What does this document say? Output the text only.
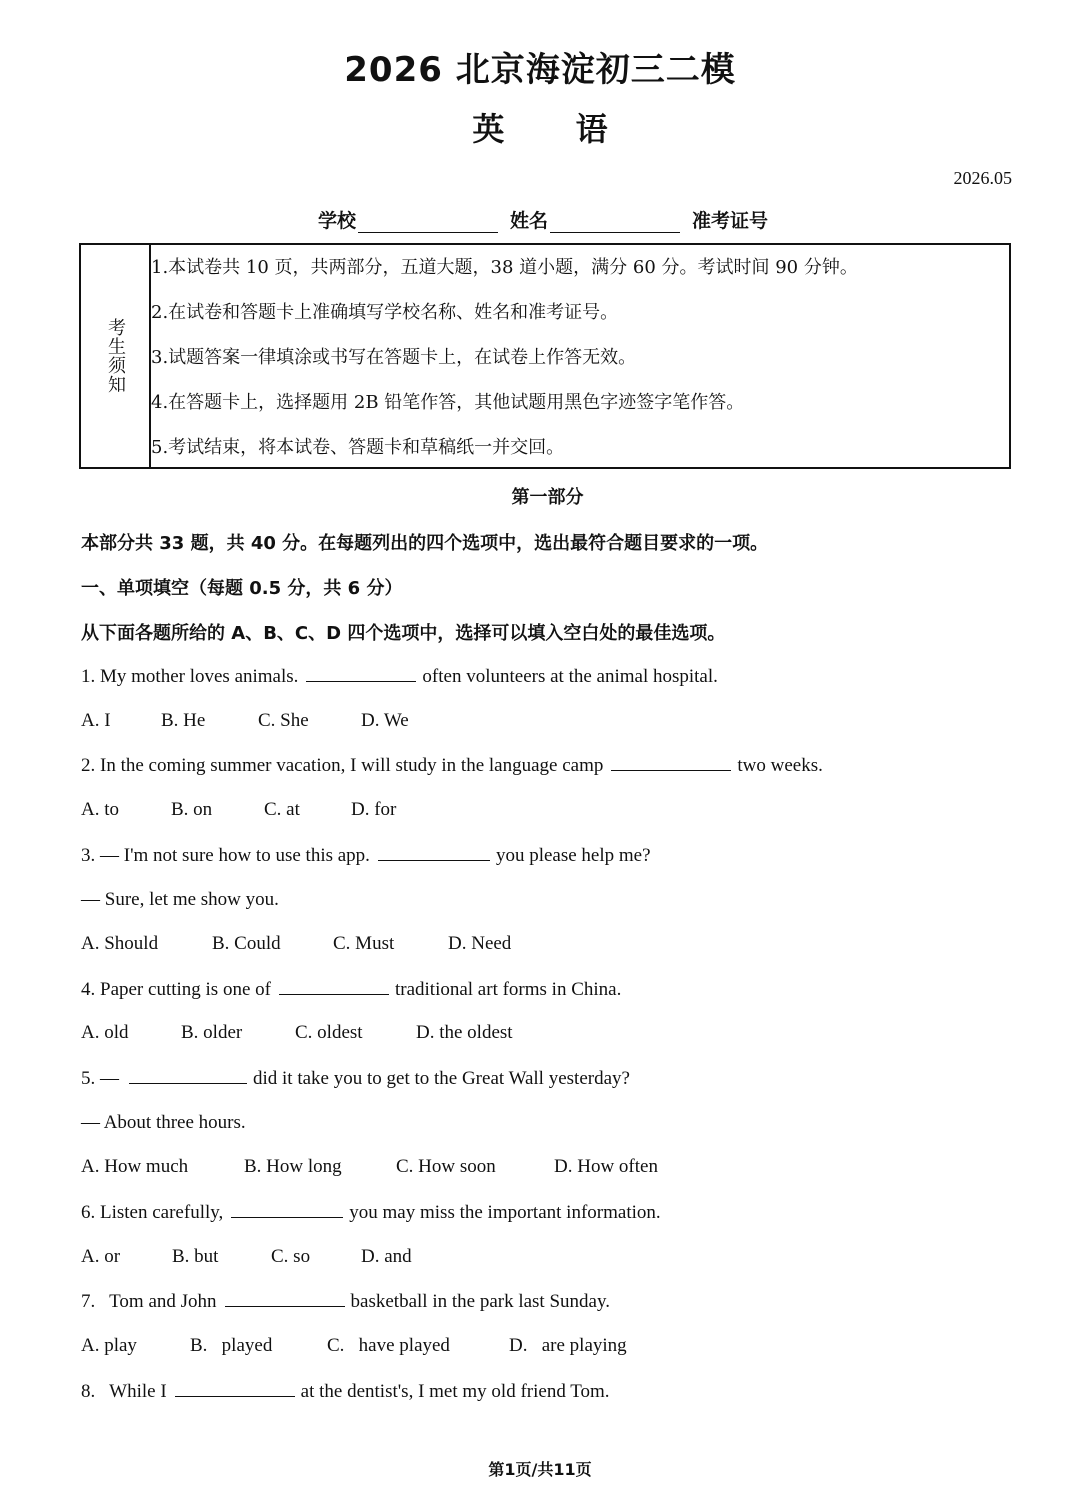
2026 北京海淀初三二模
英 语
2026.05
学校	姓名	准考证号
考生须知
1.本试卷共 10 页，共两部分，五道大题，38 道小题，满分 60 分。考试时间 90 分钟。
2.在试卷和答题卡上准确填写学校名称、姓名和准考证号。
3.试题答案一律填涂或书写在答题卡上，在试卷上作答无效。
4.在答题卡上，选择题用 2B 铅笔作答，其他试题用黑色字迹签字笔作答。
5.考试结束，将本试卷、答题卡和草稿纸一并交回。
第一部分
本部分共 33 题，共 40 分。在每题列出的四个选项中，选出最符合题目要求的一项。
一、单项填空（每题 0.5 分，共 6 分）
从下面各题所给的 A、B、C、D 四个选项中，选择可以填入空白处的最佳选项。
1. My mother loves animals.	often volunteers at the animal hospital.
A. I	B. He	C. She	D. We
2. In the coming summer vacation, I will study in the language camp	two weeks.
A. to	B. on	C. at	D. for
3. — I'm not sure how to use this app.	you please help me?
— Sure, let me show you.
A. Should	B. Could	C. Must	D. Need
4. Paper cutting is one of	traditional art forms in China.
A. old	B. older	C. oldest	D. the oldest
5. —	did it take you to get to the Great Wall yesterday?
— About three hours.
A. How much	B. How long	C. How soon	D. How often
6. Listen carefully,	you may miss the important information.
A. or	B. but	C. so	D. and
7.   Tom and John	basketball in the park last Sunday.
A. play	B.   played	C.   have played	D.   are playing
8.   While I	at the dentist's, I met my old friend Tom.
第1页/共11页
